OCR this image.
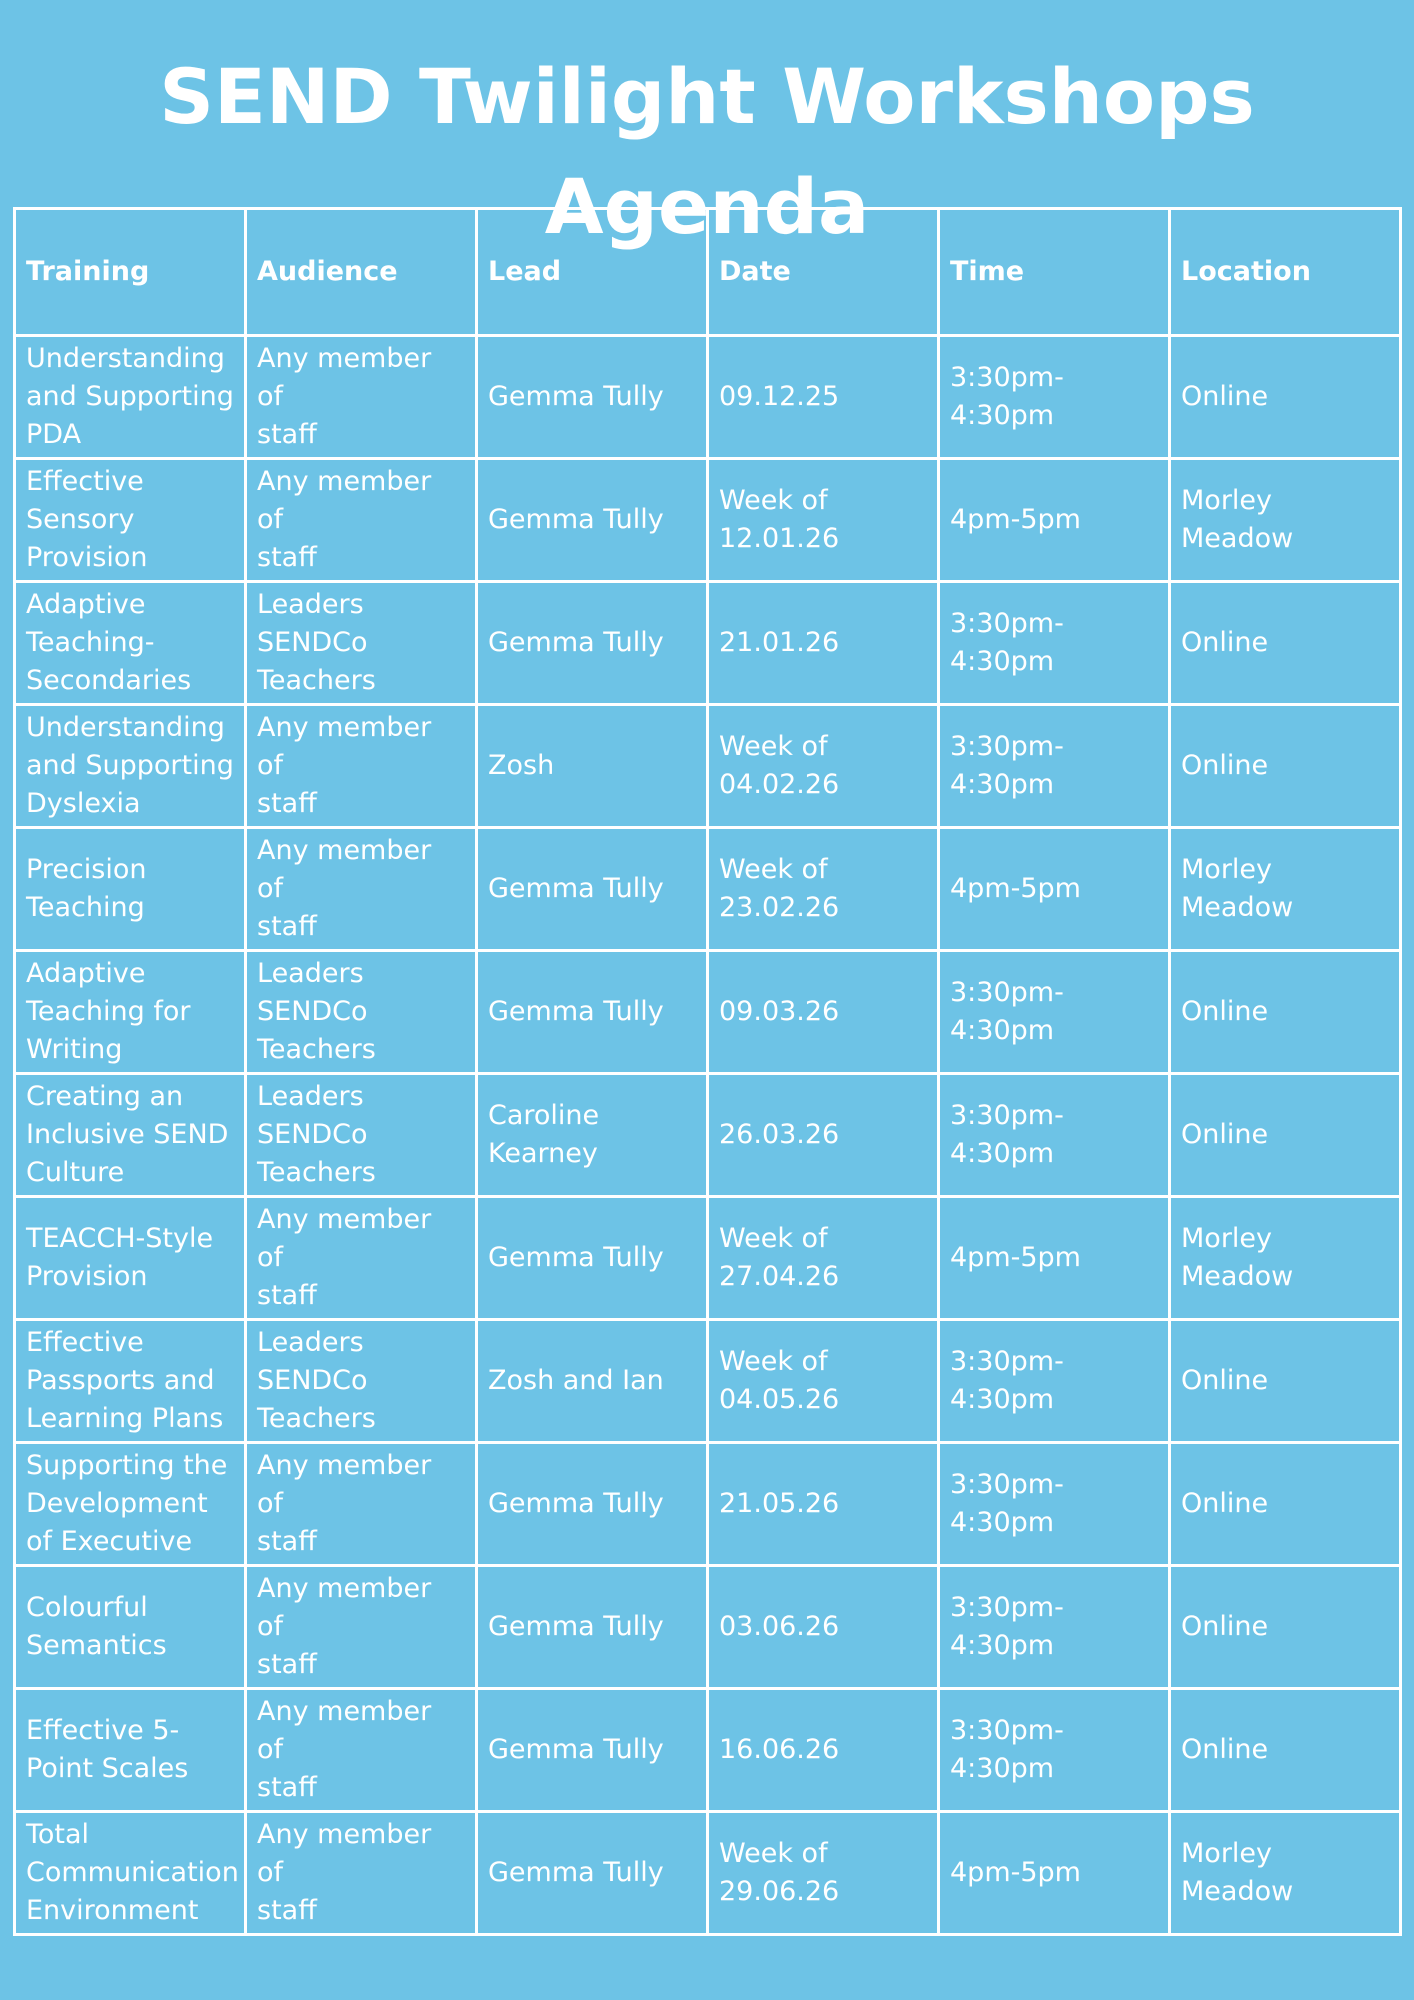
SEND Twilight Workshops Agenda
Training	Audience	Lead	Date	Time	Location
Understanding
and Supporting
PDA	Any member of
staff	Gemma Tully	09.12.25	3:30pm-
4:30pm	Online
Effective
Sensory
Provision	Any member of
staff	Gemma Tully	Week of
12.01.26	4pm-5pm	Morley
Meadow
Adaptive
Teaching-
Secondaries	Leaders
SENDCo
Teachers	Gemma Tully	21.01.26	3:30pm-
4:30pm	Online
Understanding
and Supporting
Dyslexia	Any member of
staff	Zosh	Week of
04.02.26	3:30pm-
4:30pm	Online
Precision
Teaching	Any member of
staff	Gemma Tully	Week of
23.02.26	4pm-5pm	Morley
Meadow
Adaptive
Teaching for
Writing	Leaders
SENDCo
Teachers	Gemma Tully	09.03.26	3:30pm-
4:30pm	Online
Creating an
Inclusive SEND
Culture	Leaders
SENDCo
Teachers	Caroline
Kearney	26.03.26	3:30pm-
4:30pm	Online
TEACCH-Style
Provision	Any member of
staff	Gemma Tully	Week of
27.04.26	4pm-5pm	Morley
Meadow
Effective
Passports and
Learning Plans	Leaders
SENDCo
Teachers	Zosh and Ian	Week of
04.05.26	3:30pm-
4:30pm	Online
Supporting the
Development
of Executive	Any member of
staff	Gemma Tully	21.05.26	3:30pm-
4:30pm	Online
Colourful
Semantics	Any member of
staff	Gemma Tully	03.06.26	3:30pm-
4:30pm	Online
Effective 5-
Point Scales	Any member of
staff	Gemma Tully	16.06.26	3:30pm-
4:30pm	Online
Total
Communication
Environment	Any member of
staff	Gemma Tully	Week of
29.06.26	4pm-5pm	Morley
Meadow
